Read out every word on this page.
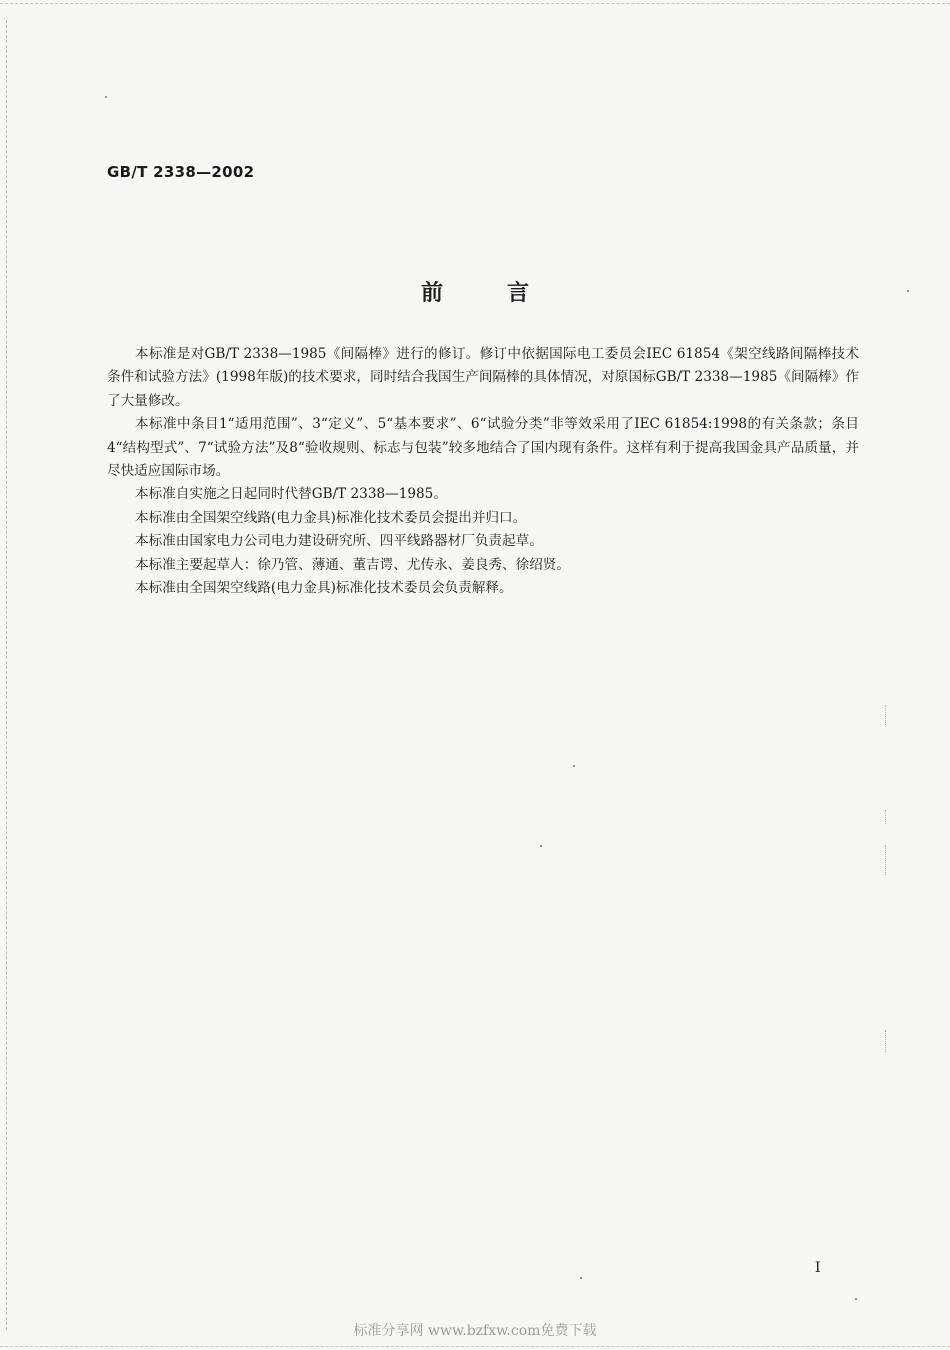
GB/T 2338—2002
前言

本标准是对GB/T 2338—1985《间隔棒》进行的修订。修订中依据国际电工委员会IEC 61854《架空线路间隔棒技术条件和试验方法》(1998年版)的技术要求，同时结合我国生产间隔棒的具体情况，对原国标GB/T 2338—1985《间隔棒》作了大量修改。

本标准中条目1“适用范围”、3“定义”、5“基本要求”、6“试验分类”非等效采用了IEC 61854:1998的有关条款；条目4“结构型式”、7“试验方法”及8“验收规则、标志与包装”较多地结合了国内现有条件。这样有利于提高我国金具产品质量，并尽快适应国际市场。

本标准自实施之日起同时代替GB/T 2338—1985。

本标准由全国架空线路(电力金具)标准化技术委员会提出并归口。

本标准由国家电力公司电力建设研究所、四平线路器材厂负责起草。

本标准主要起草人：徐乃管、薄通、董吉谔、尤传永、姜良秀、徐绍贤。

本标准由全国架空线路(电力金具)标准化技术委员会负责解释。

I
标准分享网 www.bzfxw.com免费下载
